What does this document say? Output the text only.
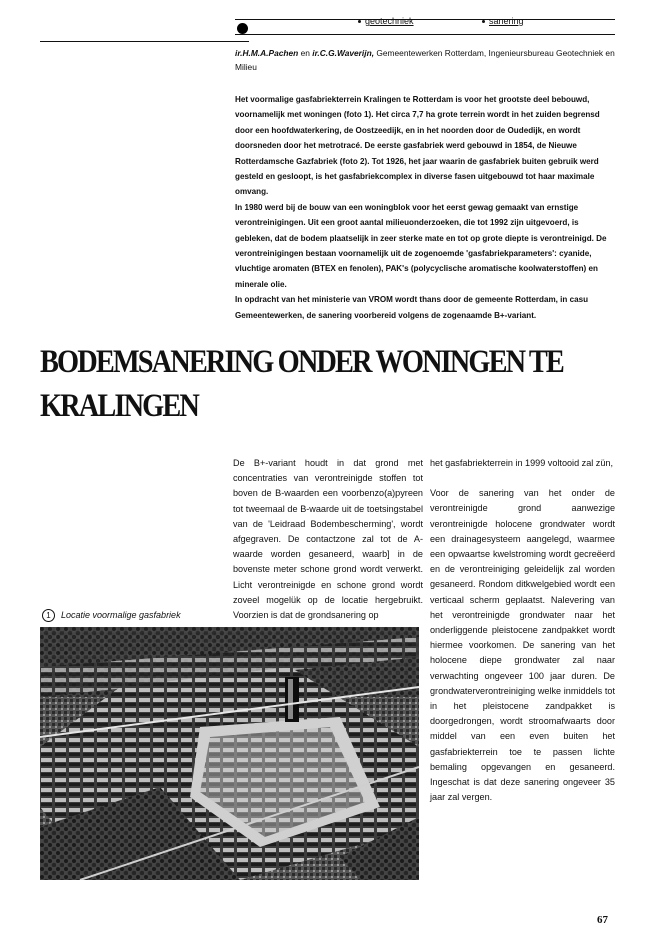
geotechniek	sanering
ir.H.M.A.Pachen en ir.C.G.Waverijn, Gemeentewerken Rotterdam, Ingenieursbureau Geotechniek en Milieu

Het voormalige gasfabriekterrein Kralingen te Rotterdam is voor het grootste deel bebouwd, voornamelijk met woningen (foto 1). Het circa 7,7 ha grote terrein wordt in het zuiden begrensd door een hoofdwaterkering, de Oostzeedijk, en in het noorden door de Oudedijk, en wordt doorsneden door het metrotracé. De eerste gasfabriek werd gebouwd in 1854, de Nieuwe Rotterdamsche Gazfabriek (foto 2). Tot 1926, het jaar waarin de gasfabriek buiten gebruik werd gesteld en gesloopt, is het gasfabriekcomplex in diverse fasen uitgebouwd tot haar maximale omvang.

In 1980 werd bij de bouw van een woningblok voor het eerst gewag gemaakt van ernstige verontreinigingen. Uit een groot aantal milieuonderzoeken, die tot 1992 zijn uitgevoerd, is gebleken, dat de bodem plaatselijk in zeer sterke mate en tot op grote diepte is verontreinigd. De verontreinigingen bestaan voornamelijk uit de zogenoemde 'gasfabriekparameters': cyanide, vluchtige aromaten (BTEX en fenolen), PAK's (polycyclische aromatische koolwaterstoffen) en minerale olie.

In opdracht van het ministerie van VROM wordt thans door de gemeente Rotterdam, in casu Gemeentewerken, de sanering voorbereid volgens de zogenaamde B+-variant.

BODEMSANERING ONDER WONINGEN TE
KRALINGEN

De B+-variant houdt in dat grond met concentraties van verontreinigde stoffen tot boven de B-waarden een voorbenzo(a)pyreen tot tweemaal de B-waarde uit de toetsingstabel van de 'Leidraad Bodembescherming', wordt afgegraven. De contactzone zal tot de A-waarde worden gesaneerd, waarb] in de bovenste meter schone grond wordt verwerkt. Licht verontreinigde en schone grond wordt zoveel mogelük op de locatie hergebruikt. Voorzien is dat de grondsanering op

het gasfabriekterrein in 1999 voltooid zal zün,

Voor de sanering van het onder de verontreinigde grond aanwezige verontreinigde holocene grondwater wordt een drainagesysteem aangelegd, waarmee een opwaartse kwelstroming wordt gecreëerd en de verontreiniging geleidelijk zal worden gesaneerd. Rondom ditkwelgebied wordt een verticaal scherm geplaatst. Nalevering van het verontreinigde grondwater naar het onderliggende pleistocene zandpakket wordt hiermee voorkomen. De sanering van het holocene diepe grondwater zal naar verwachting ongeveer 100 jaar duren. De grondwaterverontreiniging welke inmiddels tot in het pleistocene zandpakket is doorgedrongen, wordt stroomafwaarts door middel van een even buiten het gasfabriekterrein toe te passen lichte bemaling opgevangen en gesaneerd. Ingeschat is dat deze sanering ongeveer 35 jaar zal vergen.

1 Locatie voormalige gasfabriek
67
